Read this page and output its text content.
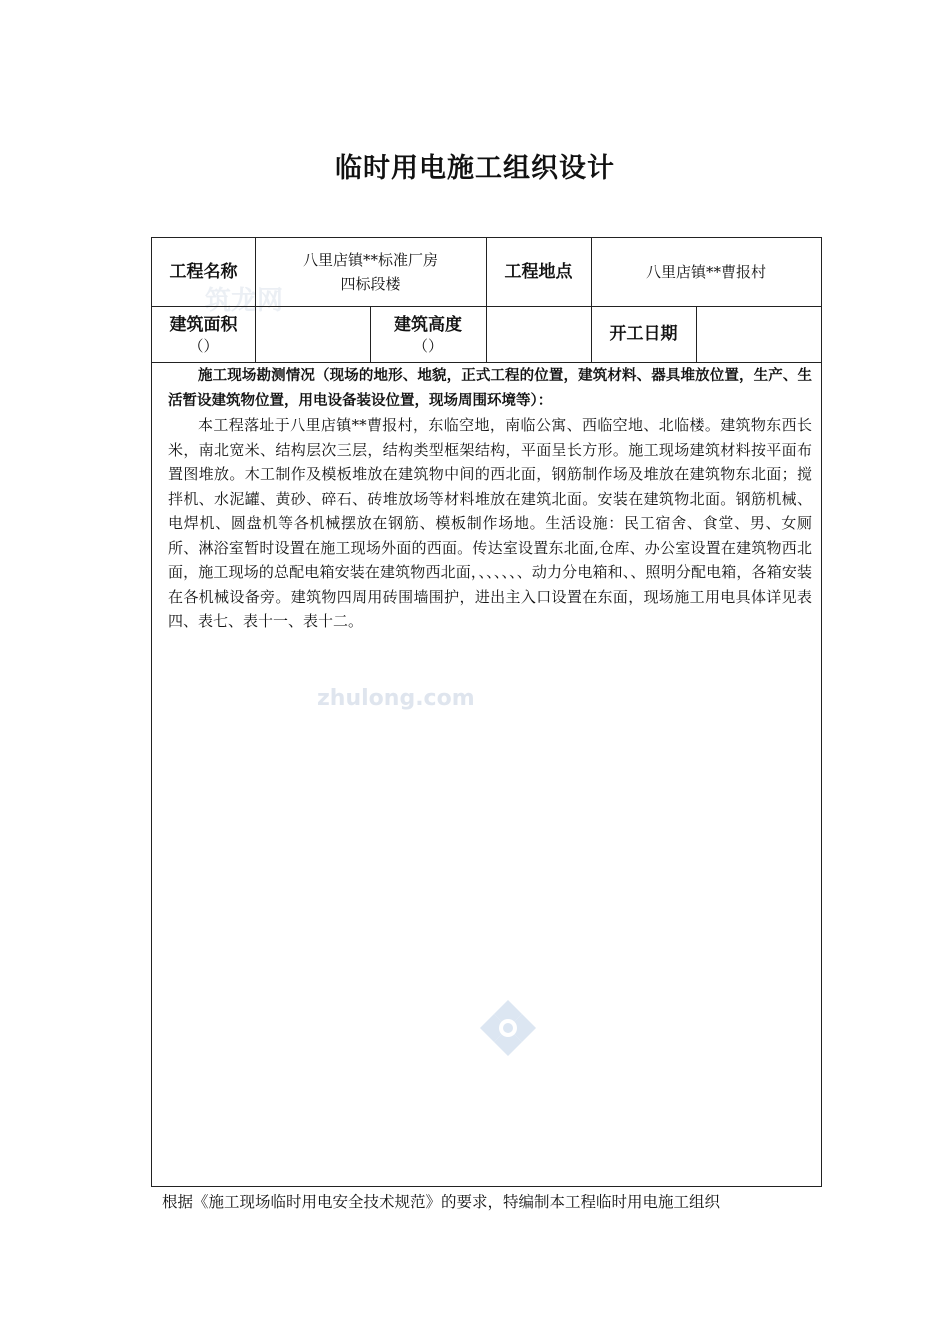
临时用电施工组织设计
筑龙网
工程名称
八里店镇**标准厂房
四标段楼
工程地点	八里店镇**曹报村
建筑面积
（）
建筑高度
（）
开工日期

施工现场勘测情况（现场的地形、地貌，正式工程的位置，建筑材料、器具堆放位置，生产、生活暂设建筑物位置，用电设备装设位置，现场周围环境等）：

本工程落址于八里店镇**曹报村，东临空地，南临公寓、西临空地、北临楼。建筑物东西长米，南北宽米、结构层次三层，结构类型框架结构，平面呈长方形。施工现场建筑材料按平面布置图堆放。木工制作及模板堆放在建筑物中间的西北面，钢筋制作场及堆放在建筑物东北面；搅拌机、水泥罐、黄砂、碎石、砖堆放场等材料堆放在建筑北面。安装在建筑物北面。钢筋机械、电焊机、圆盘机等各机械摆放在钢筋、模板制作场地。生活设施：民工宿舍、食堂、男、女厕所、淋浴室暂时设置在施工现场外面的西面。传达室设置东北面,仓库、办公室设置在建筑物西北面，施工现场的总配电箱安装在建筑物西北面，、、、、、、动力分电箱和、、照明分配电箱，各箱安装在各机械设备旁。建筑物四周用砖围墙围护，进出主入口设置在东面，现场施工用电具体详见表四、表七、表十一、表十二。

zhulong.com
根据《施工现场临时用电安全技术规范》的要求，特编制本工程临时用电施工组织
